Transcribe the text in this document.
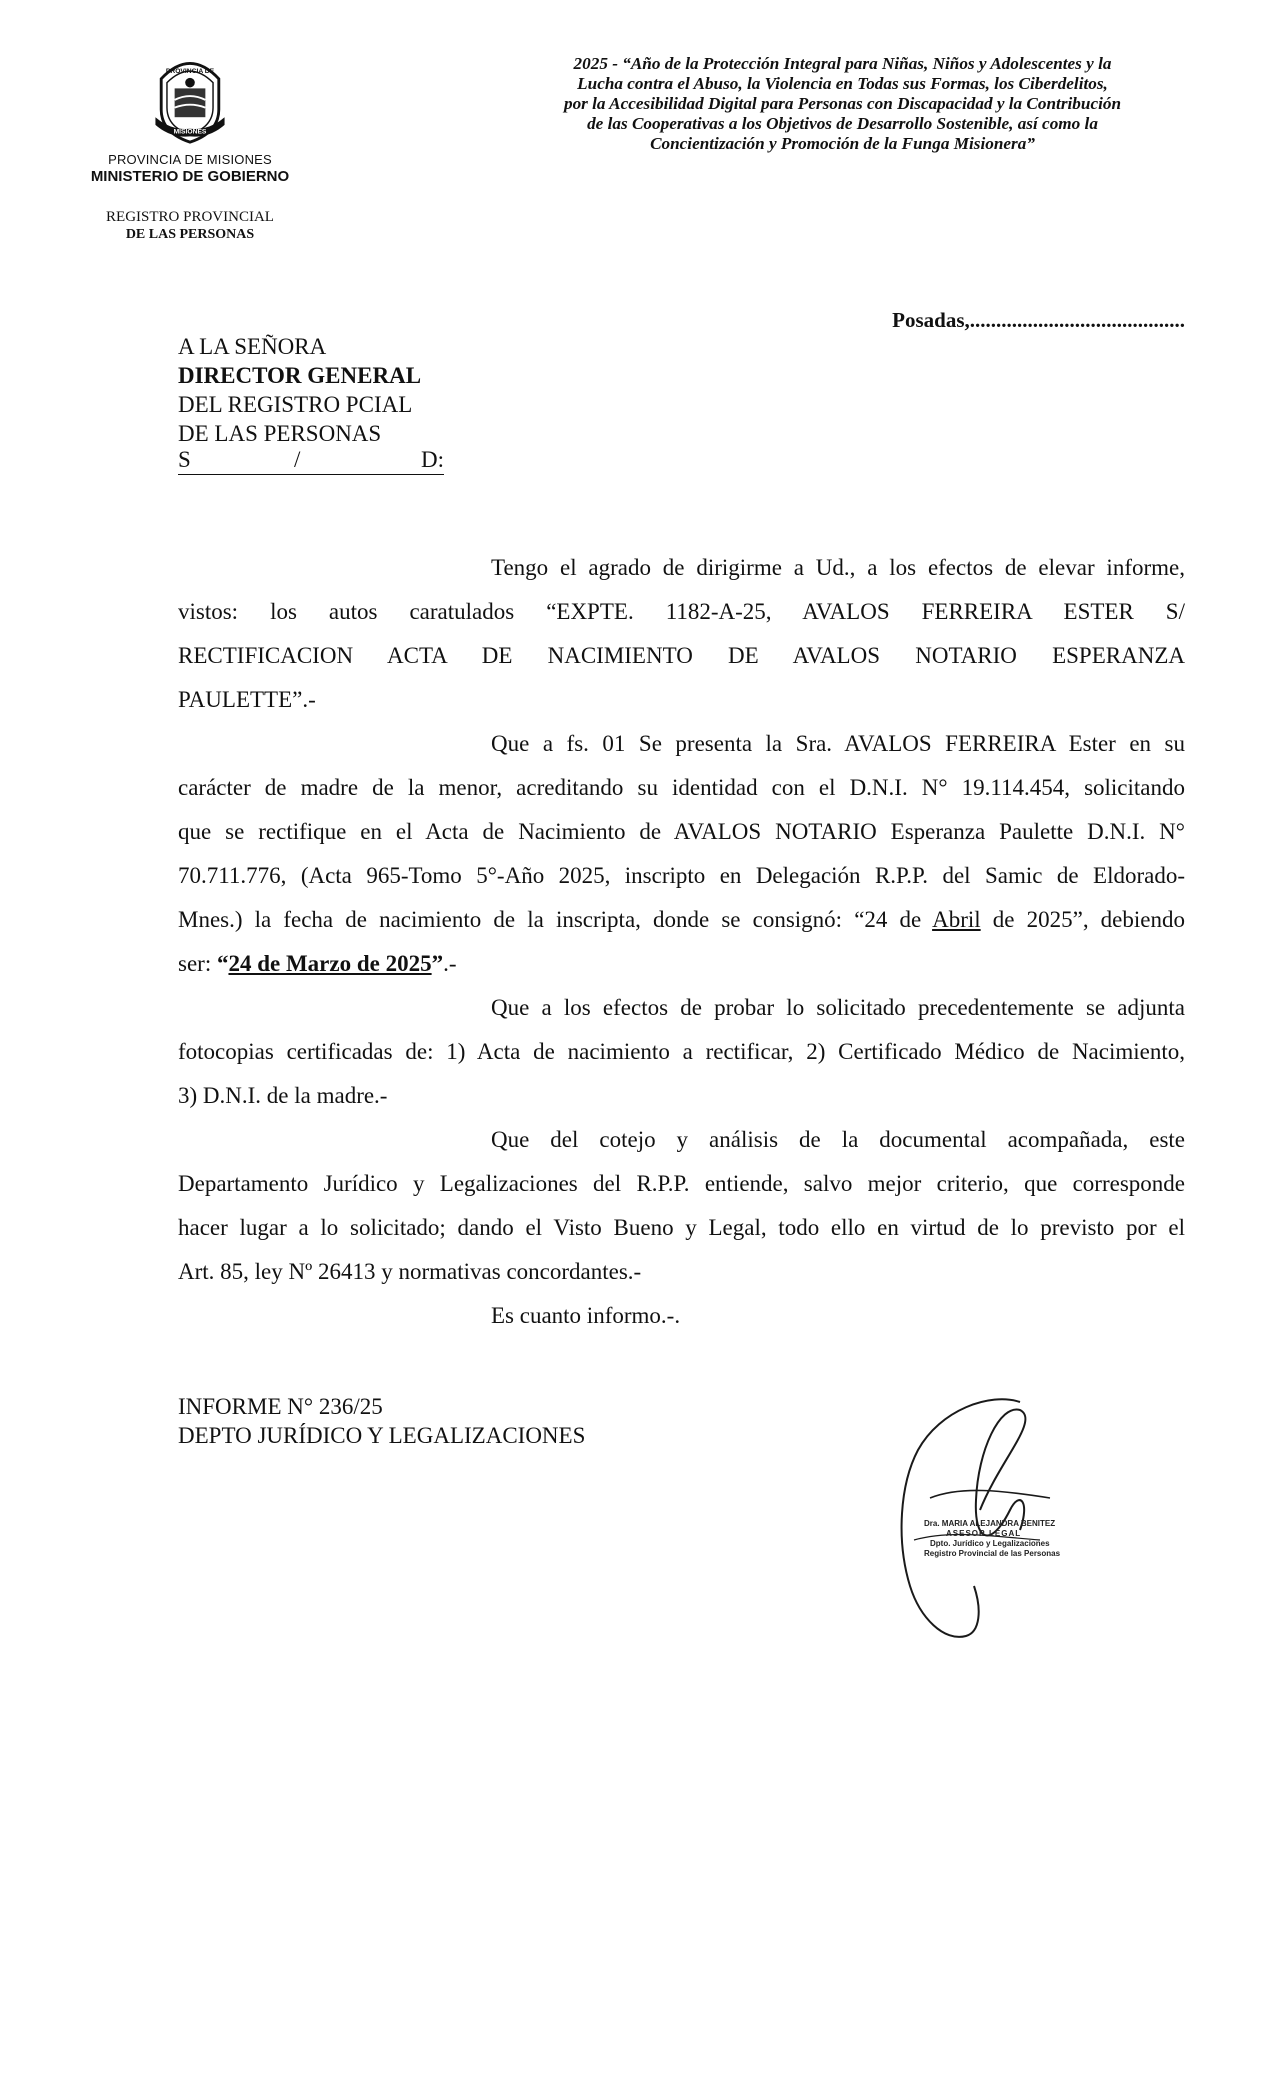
PROVINCIA DE
MISIONES
PROVINCIA DE MISIONES
MINISTERIO DE GOBIERNO
REGISTRO PROVINCIAL
DE LAS PERSONAS
2025 - “Año de la Protección Integral para Niñas, Niños y Adolescentes y la
Lucha contra el Abuso, la Violencia en Todas sus Formas, los Ciberdelitos,
por la Accesibilidad Digital para Personas con Discapacidad y la Contribución
de las Cooperativas a los Objetivos de Desarrollo Sostenible, así como la
Concientización y Promoción de la Funga Misionera”
Posadas,.........................................
A LA SEÑORA
DIRECTOR GENERAL
DEL REGISTRO PCIAL
DE LAS PERSONAS
S	/	D:
Tengo el agrado de dirigirme a Ud., a los efectos de elevar informe,
vistos: los autos caratulados “EXPTE. 1182-A-25, AVALOS FERREIRA ESTER S/
RECTIFICACION ACTA DE NACIMIENTO DE AVALOS NOTARIO ESPERANZA
PAULETTE”.-
Que a fs. 01 Se presenta la Sra. AVALOS FERREIRA Ester en su
carácter de madre de la menor, acreditando su identidad con el D.N.I. N° 19.114.454, solicitando
que se rectifique en el Acta de Nacimiento de AVALOS NOTARIO Esperanza Paulette D.N.I. N°
70.711.776, (Acta 965-Tomo 5°-Año 2025, inscripto en Delegación R.P.P. del Samic de Eldorado-
Mnes.) la fecha de nacimiento de la inscripta, donde se consignó: “24 de Abril de 2025”, debiendo
ser: “24 de Marzo de 2025”.-
Que a los efectos de probar lo solicitado precedentemente se adjunta
fotocopias certificadas de: 1) Acta de nacimiento a rectificar, 2) Certificado Médico de Nacimiento,
3) D.N.I. de la madre.-
Que del cotejo y análisis de la documental acompañada, este
Departamento Jurídico y Legalizaciones del R.P.P. entiende, salvo mejor criterio, que corresponde
hacer lugar a lo solicitado; dando el Visto Bueno y Legal, todo ello en virtud de lo previsto por el
Art. 85, ley Nº 26413 y normativas concordantes.-
Es cuanto informo.-.
INFORME N° 236/25
DEPTO JURÍDICO Y LEGALIZACIONES
Dra. MARIA ALEJANDRA BENITEZ
ASESOR LEGAL
Dpto. Jurídico y Legalizaciones
Registro Provincial de las Personas
